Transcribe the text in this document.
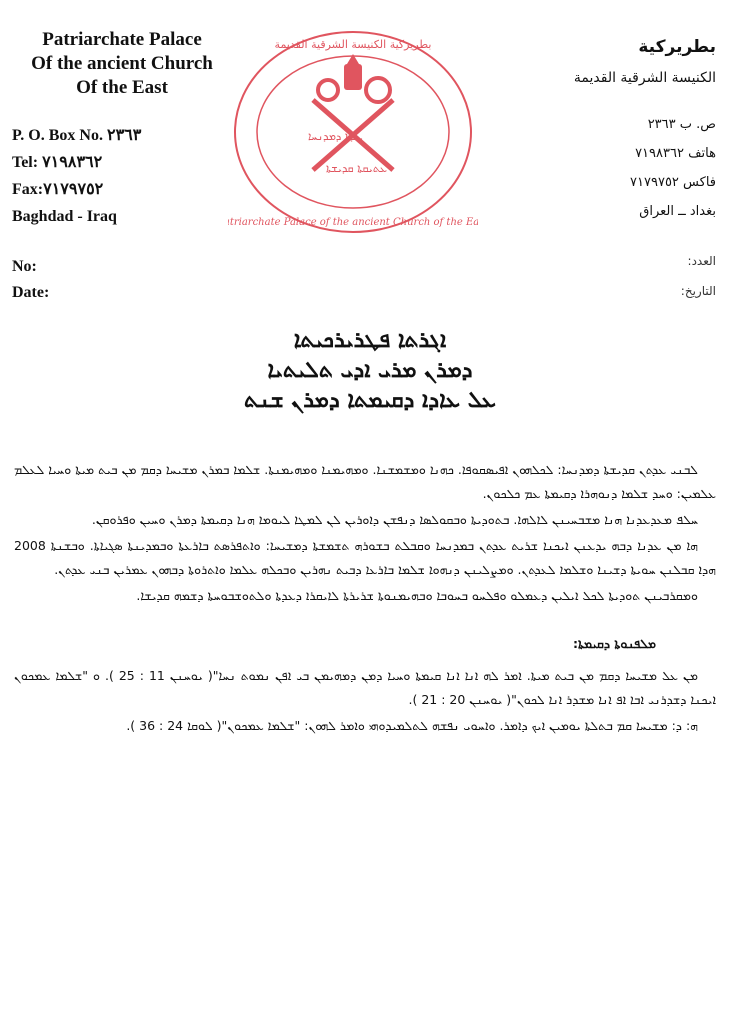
Patriarchate Palace
Of the ancient Church
Of the East
P. O. Box No. ٢٣٦٣
Tel: ٧١٩٨٣٦٢
Fax:٧١٧٩٧٥٢
Baghdad - Iraq
بطريركية الكنيسة الشرقية القديمة
Patriarchate Palace of the ancient Church of the East
ܥܕܬܐ ܕܡܕܢܚܐ
ܥܬܝܩܬܐ ܩܕܝܫܬܐ
بطريركية
الكنيسة الشرقية القديمة
ص. ب ٢٣٦٣
هاتف ٧١٩٨٣٦٢
فاكس ٧١٧٩٧٥٢
بغداد ــ العراق
No:
Date:
العدد:
التاريخ:
ܐܓܪܬܐ ܦܛܪܝܪܟܝܬܐ
ܕܡܪܢ ܡܪܝ ܐܕܝ ܬܠܝܬܝܐ
ܥܠ ܥܐܕܐ ܕܩܝܡܬܐ ܕܡܪܢ ܫܢܬ

ܠܒܢܝ ܥܕܬܢ ܩܕܝܫܬܐ ܕܡܕܢܚܐ: ܠܟܠܗܘܢ ܐܦܝܣܩܘܦܐ. ܟܗܢܐ ܘܡܫܡܫܢܐ. ܘܡܗܝܡܢܐ ܘܡܗܝܡܢܬܐ. ܫܠܡܐ ܒܡܪܢ ܡܫܝܚܐ ܕܩܡ ܡܢ ܒܝܬ ܡܝܬܐ ܘܚܝܐ ܠܥܠܡ ܥܠܡܝܢ: ܘܚܕ ܫܠܡܐ ܕܢܘܗܪܐ ܕܩܝܡܬܐ ܥܡ ܟܠܟܘܢ.

ܚܠܦ ܡܥܕܥܕܢܐ ܗܢܐ ܡܫܒܚܝܢܢ ܠܐܠܗܐ. ܒܬܘܕܝܬܐ ܘܒܩܘܠܣܐ ܕܢܦܫܢ ܕܐܘܪܝܢ ܠܢ ܠܡܛܐ ܠܝܘܡܐ ܗܢܐ ܕܩܝܡܬܐ ܕܡܪܢ ܘܚܝܢ ܘܦܪܘܩܢ.

ܗܐ ܡܢ ܥܕܢܐ ܕܒܗ ܝܕܥܢܢ ܐܝܟܢܐ ܫܪܝܬ ܥܕܬܢ ܒܡܕܢܚܐ ܘܩܒܠܬ ܒܫܘܪܗ ܬܫܡܫܬܐ ܕܡܫܝܚܐ: ܘܐܬܦܪܣܬ ܒܐܪܥܬܐ ܘܒܡܕܝܢܬܐ ܣܓܝܐܬܐ. ܘܒܫܢܬܐ 2008 ܗܕܐ ܩܒܠܢܢ ܚܘܝܬܐ ܕܫܝܢܐ ܘܫܠܡܐ ܠܥܕܬܢ. ܘܡܨܠܝܢܢ ܕܢܗܘܐ ܫܠܡܐ ܒܐܪܥܐ ܕܒܝܬ ܢܗܪܝܢ ܘܒܟܠܗ ܥܠܡܐ ܘܐܬܪܘܬܐ ܕܒܗܘܢ ܥܡܪܝܢ ܒܢܝ ܥܕܬܢ.

ܘܡܩܪܒܝܢܢ ܬܘܕܝܬܐ ܠܟܠ ܐܝܠܝܢ ܕܥܡܠܘ ܘܦܠܚܘ ܒܚܘܒܐ ܘܒܗܝܡܢܘܬܐ ܫܪܝܪܬܐ ܠܐܝܩܪܐ ܕܥܕܬܐ ܘܠܬܘܫܒܘܚܬܐ ܕܫܡܗ ܩܕܝܫܐ.

ܡܠܦܢܘܬܐ ܕܩܝܡܬܐ:

ܡܢ ܥܠ ܡܫܝܚܐ ܕܩܡ ܡܢ ܒܝܬ ܡܝܬܐ. ܐܡܪ ܠܗ ܐܢܐ ܐܢܐ ܩܝܡܬܐ ܘܚܝܐ ܕܡܢ ܕܡܗܝܡܢ ܒܝ ܐܦܢ ܢܡܘܬ ܢܚܐ"( ܝܘܚܢܢ 11 : 25 ). ܘ "ܫܠܡܐ ܥܡܟܘܢ ܐܝܟܢܐ ܕܫܕܪܢܝ ܐܒܐ ܐܦ ܐܢܐ ܡܫܕܪ ܐܢܐ ܠܟܘܢ"( ܝܘܚܢܢ 20 : 21 ).

ܗ: ܕ: ܡܫܝܚܐ ܩܡ ܒܬܠܬܐ ܝܘܡܝܢ ܐܝܟ ܕܐܡܪ. ܘܐܚܘܝ ܢܦܫܗ ܠܬܠܡܝܕܘܗܝ ܘܐܡܪ ܠܗܘܢ: "ܫܠܡܐ ܥܡܟܘܢ"( ܠܘܩܐ 24 : 36 ).
